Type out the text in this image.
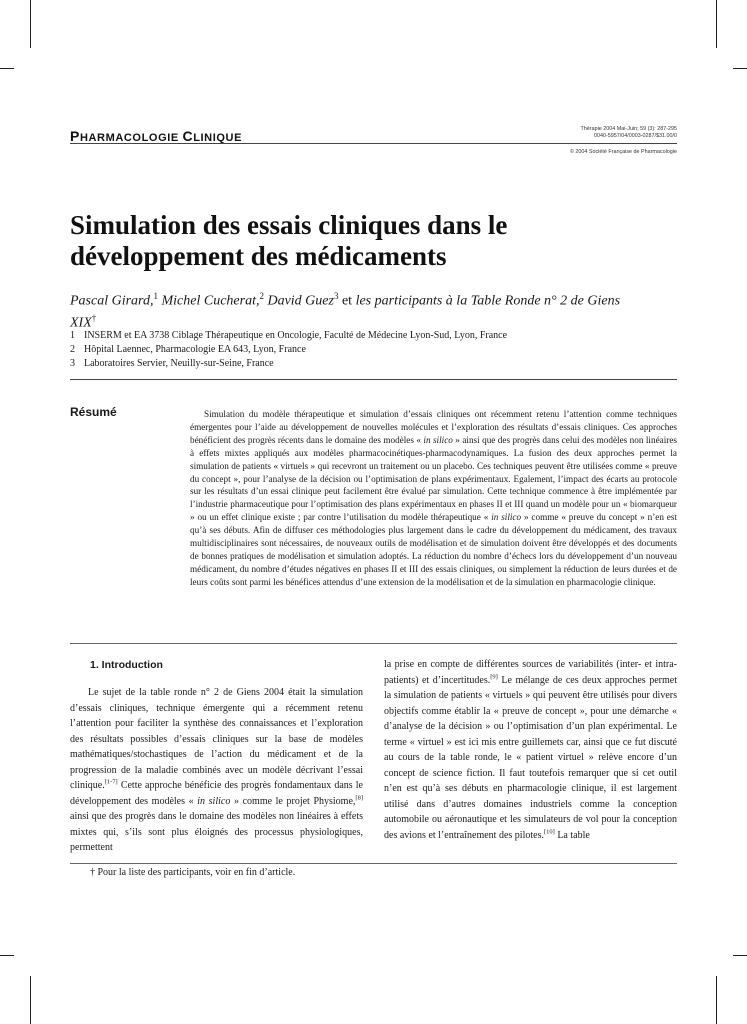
PHARMACOLOGIE CLINIQUE
Thérapie 2004 Mai-Juin; 59 (3): 287-295
0040-5957/04/0003-0287/$31.00/0
© 2004 Société Française de Pharmacologie
Simulation des essais cliniques dans le développement des médicaments
Pascal Girard,$^1$ Michel Cucherat,$^2$ David Guez$^3$ et les participants à la Table Ronde n° 2 de Giens XIX†
1 INSERM et EA 3738 Ciblage Thérapeutique en Oncologie, Faculté de Médecine Lyon-Sud, Lyon, France
2 Hôpital Laennec, Pharmacologie EA 643, Lyon, France
3 Laboratoires Servier, Neuilly-sur-Seine, France
Résumé	Simulation du modèle thérapeutique et simulation d’essais cliniques ont récemment retenu l’attention comme techniques émergentes pour l’aide au développement de nouvelles molécules et l’exploration des résultats d’essais cliniques. Ces approches bénéficient des progrès récents dans le domaine des modèles « in silico » ainsi que des progrès dans celui des modèles non linéaires à effets mixtes appliqués aux modèles pharmacocinétiques-pharmacodynamiques. La fusion des deux approches permet la simulation de patients « virtuels » qui recevront un traitement ou un placebo. Ces techniques peuvent être utilisées comme « preuve du concept », pour l’analyse de la décision ou l’optimisation de plans expérimentaux. Egalement, l’impact des écarts au protocole sur les résultats d’un essai clinique peut facilement être évalué par simulation. Cette technique commence à être implémentée par l’industrie pharmaceutique pour l’optimisation des plans expérimentaux en phases II et III quand un modèle pour un « biomarqueur » ou un effet clinique existe ; par contre l’utilisation du modèle thérapeutique « in silico » comme « preuve du concept » n’en est qu’à ses débuts. Afin de diffuser ces méthodologies plus largement dans le cadre du développement du médicament, des travaux multidisciplinaires sont nécessaires, de nouveaux outils de modélisation et de simulation doivent être développés et des documents de bonnes pratiques de modélisation et simulation adoptés. La réduction du nombre d’échecs lors du développement d’un nouveau médicament, du nombre d’études négatives en phases II et III des essais cliniques, ou simplement la réduction de leurs durées et de leurs coûts sont parmi les bénéfices attendus d’une extension de la modélisation et de la simulation en pharmacologie clinique.

1. Introduction

Le sujet de la table ronde n° 2 de Giens 2004 était la simulation d’essais cliniques, technique émergente qui a récemment retenu l’attention pour faciliter la synthèse des connaissances et l’exploration des résultats possibles d’essais cliniques sur la base de modèles mathématiques/stochastiques de l’action du médicament et de la progression de la maladie combinés avec un modèle décrivant l’essai clinique.[1-7] Cette approche bénéficie des progrès fondamentaux dans le développement des modèles « in silico » comme le projet Physiome,[8] ainsi que des progrès dans le domaine des modèles non linéaires à effets mixtes qui, s’ils sont plus éloignés des processus physiologiques, permettent

la prise en compte de différentes sources de variabilités (inter- et intra-patients) et d’incertitudes.[9] Le mélange de ces deux approches permet la simulation de patients « virtuels » qui peuvent être utilisés pour divers objectifs comme établir la « preuve de concept », pour une démarche « d’analyse de la décision » ou l’optimisation d’un plan expérimental. Le terme « virtuel » est ici mis entre guillemets car, ainsi que ce fut discuté au cours de la table ronde, le « patient virtuel » relève encore d’un concept de science fiction. Il faut toutefois remarquer que si cet outil n’en est qu’à ses débuts en pharmacologie clinique, il est largement utilisé dans d’autres domaines industriels comme la conception automobile ou aéronautique et les simulateurs de vol pour la conception des avions et l’entraînement des pilotes.[10] La table

† Pour la liste des participants, voir en fin d’article.
